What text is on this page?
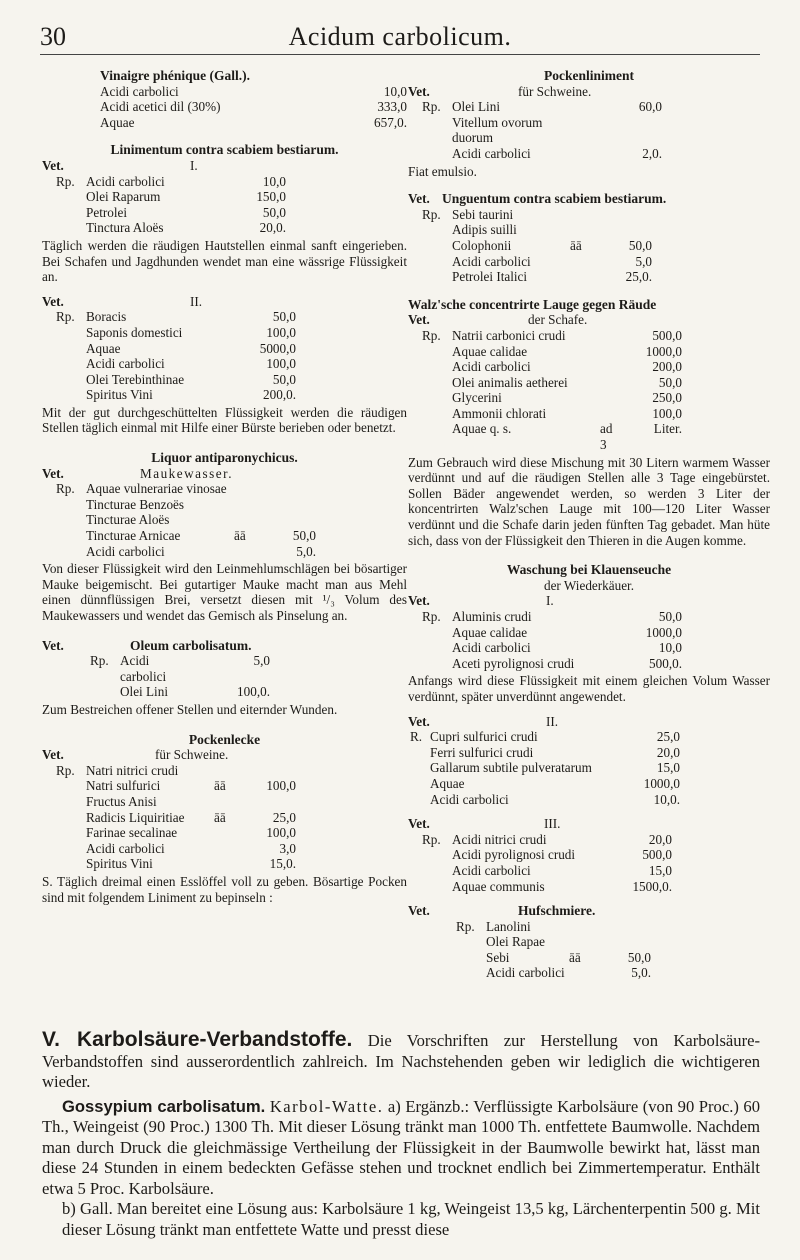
30	Acidum carbolicum.
Vinaigre phénique (Gall.).
Acidi carbolici	10,0
Acidi acetici dil (30%)	333,0
Aquae	657,0.
Linimentum contra scabiem bestiarum.
Vet.	I.
Rp. Acidi carbolici	10,0
Olei Raparum	150,0
Petrolei	50,0
Tinctura Aloës	20,0.
Täglich werden die räudigen Hautstellen einmal sanft eingerieben. Bei Schafen und Jagdhunden wendet man eine wässrige Flüssigkeit an.
Vet.	II.
Rp. Boracis	50,0
Saponis domestici	100,0
Aquae	5000,0
Acidi carbolici	100,0
Olei Terebinthinae	50,0
Spiritus Vini	200,0.
Mit der gut durchgeschüttelten Flüssigkeit werden die räudigen Stellen täglich einmal mit Hilfe einer Bürste berieben oder benetzt.
Liquor antiparonychicus.
Vet.	Maukewasser.
Rp. Aquae vulnerariae vinosae
Tincturae Benzoës
Tincturae Aloës
Tincturae Arnicae	āā	50,0
Acidi carbolici	5,0.
Von dieser Flüssigkeit wird den Leinmehlumschlägen bei bösartiger Mauke beigemischt. Bei gutartiger Mauke macht man aus Mehl einen dünnflüssigen Brei, versetzt diesen mit ¹/₃ Volum des Maukewassers und wendet das Gemisch als Pinselung an.
Vet.	Oleum carbolisatum.
Rp. Acidi carbolici
5,0
Olei Lini	100,0.
Zum Bestreichen offener Stellen und eiternder Wunden.
Pockenlecke
Vet.	für Schweine.
Rp. Natri nitrici crudi
Natri sulfurici	āā	100,0
Fructus Anisi
Radicis Liquiritiae	āā	25,0
Farinae secalinae	100,0
Acidi carbolici	3,0
Spiritus Vini	15,0.
S. Täglich dreimal einen Esslöffel voll zu geben. Bösartige Pocken sind mit folgendem Liniment zu bepinseln :
Pockenliniment
Vet.	für Schweine.
Rp. Olei Lini	60,0
Vitellum ovorum duorum
Acidi carbolici	2,0.
Fiat emulsio.
Vet. Unguentum contra scabiem bestiarum.
Rp. Sebi taurini
Adipis suilli
Colophonii	āā	50,0
Acidi carbolici	5,0
Petrolei Italici	25,0.
Walz'sche concentrirte Lauge gegen Räude
Vet.	der Schafe.
Rp. Natrii carbonici crudi	500,0
Aquae calidae	1000,0
Acidi carbolici	200,0
Olei animalis aetherei	50,0
Glycerini	250,0
Ammonii chlorati	100,0
Aquae q. s.	ad 3
Liter.
Zum Gebrauch wird diese Mischung mit 30 Litern warmem Wasser verdünnt und auf die räudigen Stellen alle 3 Tage eingebürstet. Sollen Bäder angewendet werden, so werden 3 Liter der koncentrirten Walz'schen Lauge mit 100—120 Liter Wasser verdünnt und die Schafe darin jeden fünften Tag gebadet. Man hüte sich, dass von der Flüssigkeit den Thieren in die Augen komme.
Waschung bei Klauenseuche
der Wiederkäuer.
Vet.	I.
Rp. Aluminis crudi	50,0
Aquae calidae	1000,0
Acidi carbolici	10,0
Aceti pyrolignosi crudi	500,0.
Anfangs wird diese Flüssigkeit mit einem gleichen Volum Wasser verdünnt, später unverdünnt angewendet.
Vet.	II.
R. Cupri sulfurici crudi	25,0
Ferri sulfurici crudi	20,0
Gallarum subtile pulveratarum	15,0
Aquae	1000,0
Acidi carbolici	10,0.
Vet.	III.
Rp. Acidi nitrici crudi	20,0
Acidi pyrolignosi crudi	500,0
Acidi carbolici	15,0
Aquae communis	1500,0.
Vet.	Hufschmiere.
Rp. Lanolini
Olei Rapae
Sebi	āā	50,0
Acidi carbolici	5,0.
V. Karbolsäure-Verbandstoffe. Die Vorschriften zur Herstellung von Karbolsäure-Verbandstoffen sind ausserordentlich zahlreich. Im Nachstehenden geben wir lediglich die wichtigeren wieder.
Gossypium carbolisatum. Karbol-Watte. a) Ergänzb.: Verflüssigte Karbolsäure (von 90 Proc.) 60 Th., Weingeist (90 Proc.) 1300 Th. Mit dieser Lösung tränkt man 1000 Th. entfettete Baumwolle. Nachdem man durch Druck die gleichmässige Vertheilung der Flüssigkeit in der Baumwolle bewirkt hat, lässt man diese 24 Stunden in einem bedeckten Gefässe stehen und trocknet endlich bei Zimmertemperatur. Enthält etwa 5 Proc. Karbolsäure.
b) Gall. Man bereitet eine Lösung aus: Karbolsäure 1 kg, Weingeist 13,5 kg, Lärchenterpentin 500 g. Mit dieser Lösung tränkt man entfettete Watte und presst diese
